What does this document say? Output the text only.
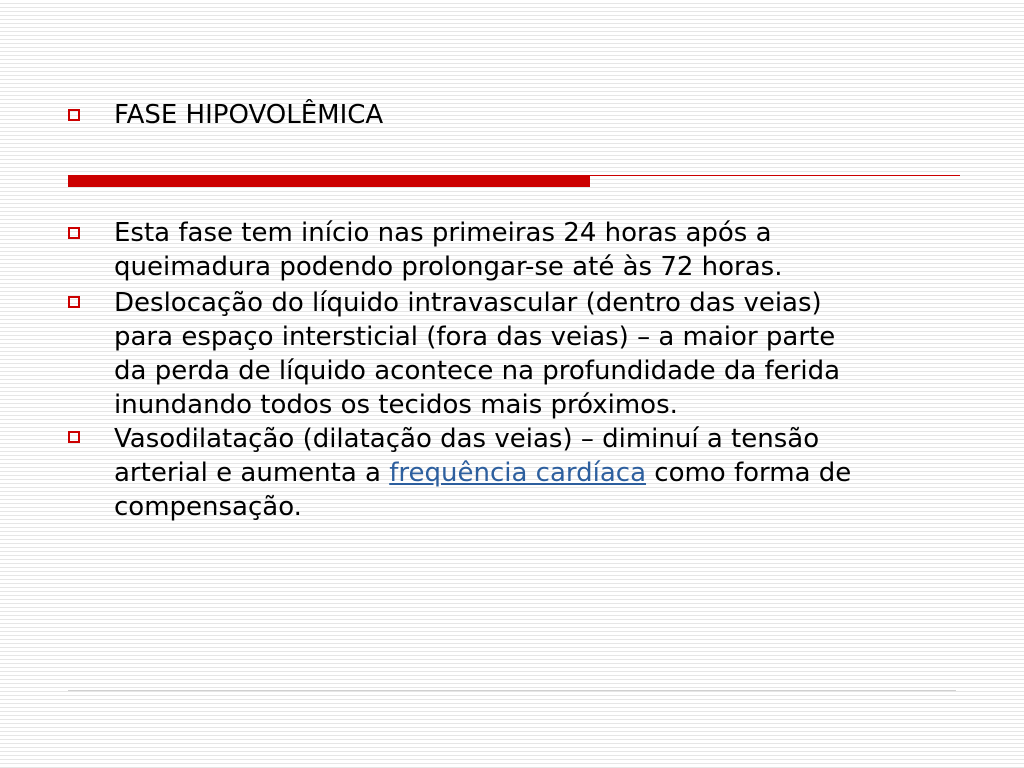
FASE HIPOVOLÊMICA
Esta fase tem início nas primeiras 24 horas após a
queimadura podendo prolongar-se até às 72 horas.
Deslocação do líquido intravascular (dentro das veias)
para espaço intersticial (fora das veias) – a maior parte
da perda de líquido acontece na profundidade da ferida
inundando todos os tecidos mais próximos.
Vasodilatação (dilatação das veias) – diminuí a tensão
arterial e aumenta a frequência cardíaca como forma de
compensação.
